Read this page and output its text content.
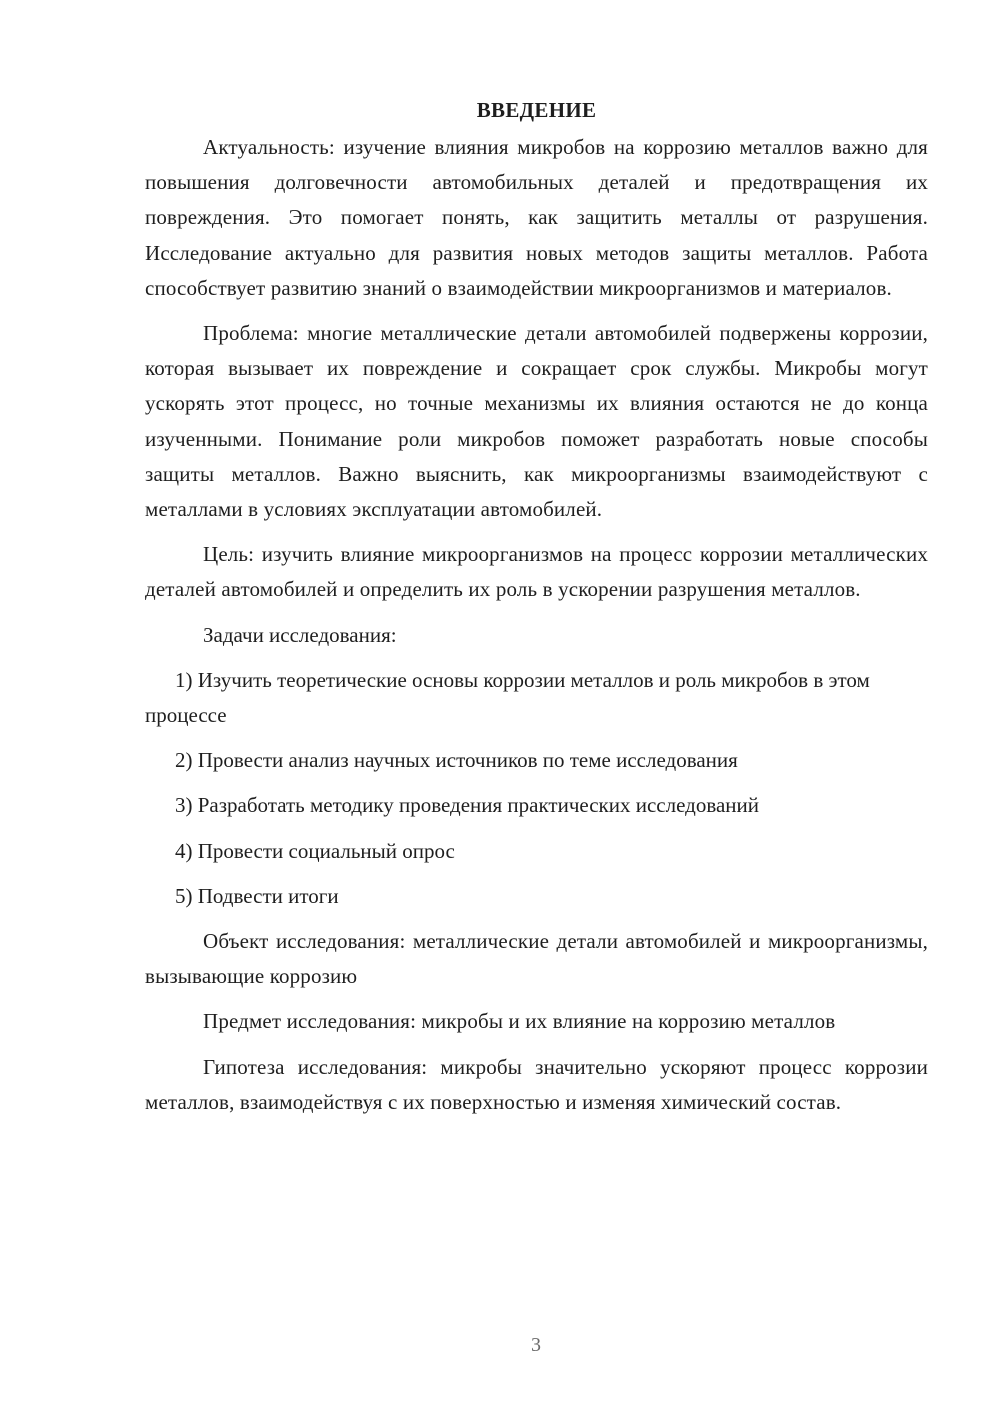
ВВЕДЕНИЕ

Актуальность: изучение влияния микробов на коррозию металлов важно для повышения долговечности автомобильных деталей и предотвращения их повреждения. Это помогает понять, как защитить металлы от разрушения. Исследование актуально для развития новых методов защиты металлов. Работа способствует развитию знаний о взаимодействии микроорганизмов и материалов.

Проблема: многие металлические детали автомобилей подвержены коррозии, которая вызывает их повреждение и сокращает срок службы. Микробы могут ускорять этот процесс, но точные механизмы их влияния остаются не до конца изученными. Понимание роли микробов поможет разработать новые способы защиты металлов. Важно выяснить, как микроорганизмы взаимодействуют с металлами в условиях эксплуатации автомобилей.

Цель: изучить влияние микроорганизмов на процесс коррозии металлических деталей автомобилей и определить их роль в ускорении разрушения металлов.

Задачи исследования:

1) Изучить теоретические основы коррозии металлов и роль микробов в этом процессе

2) Провести анализ научных источников по теме исследования

3) Разработать методику проведения практических исследований

4) Провести социальный опрос

5) Подвести итоги

Объект исследования: металлические детали автомобилей и микроорганизмы, вызывающие коррозию

Предмет исследования: микробы и их влияние на коррозию металлов

Гипотеза исследования: микробы значительно ускоряют процесс коррозии металлов, взаимодействуя с их поверхностью и изменяя химический состав.

3
